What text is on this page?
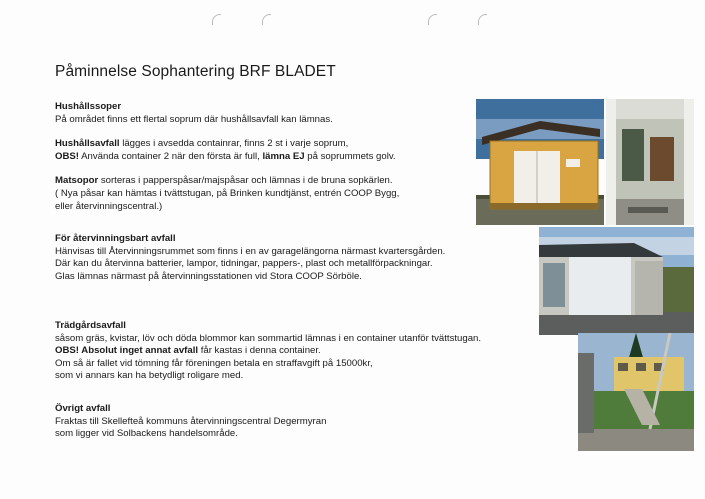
Påminnelse Sophantering BRF BLADET

Hushållssoper

På området finns ett flertal soprum där hushållsavfall kan lämnas.

Hushållsavfall lägges i avsedda containrar, finns 2 st i varje soprum,

OBS! Använda container 2 när den första är full, lämna EJ på soprummets golv.

Matsopor sorteras i papperspåsar/majspåsar och lämnas i de bruna sopkärlen.

( Nya påsar kan hämtas i tvättstugan, på Brinken kundtjänst, entrén COOP Bygg,

eller återvinningscentral.)

För återvinningsbart avfall

Hänvisas till Återvinningsrummet som finns i en av garagelängorna närmast kvartersgården.

Där kan du återvinna batterier, lampor, tidningar, pappers-, plast och metallförpackningar.

Glas lämnas närmast på återvinningsstationen vid Stora COOP Sörböle.

Trädgårdsavfall

såsom gräs, kvistar, löv och döda blommor kan sommartid lämnas i en container utanför tvättstugan.

OBS! Absolut inget annat avfall får kastas i denna container.

Om så är fallet vid tömning får föreningen betala en straffavgift på 15000kr,

som vi annars kan ha betydligt roligare med.

Övrigt avfall

Fraktas till Skellefteå kommuns återvinningscentral Degermyran

som ligger vid Solbackens handelsområde.
